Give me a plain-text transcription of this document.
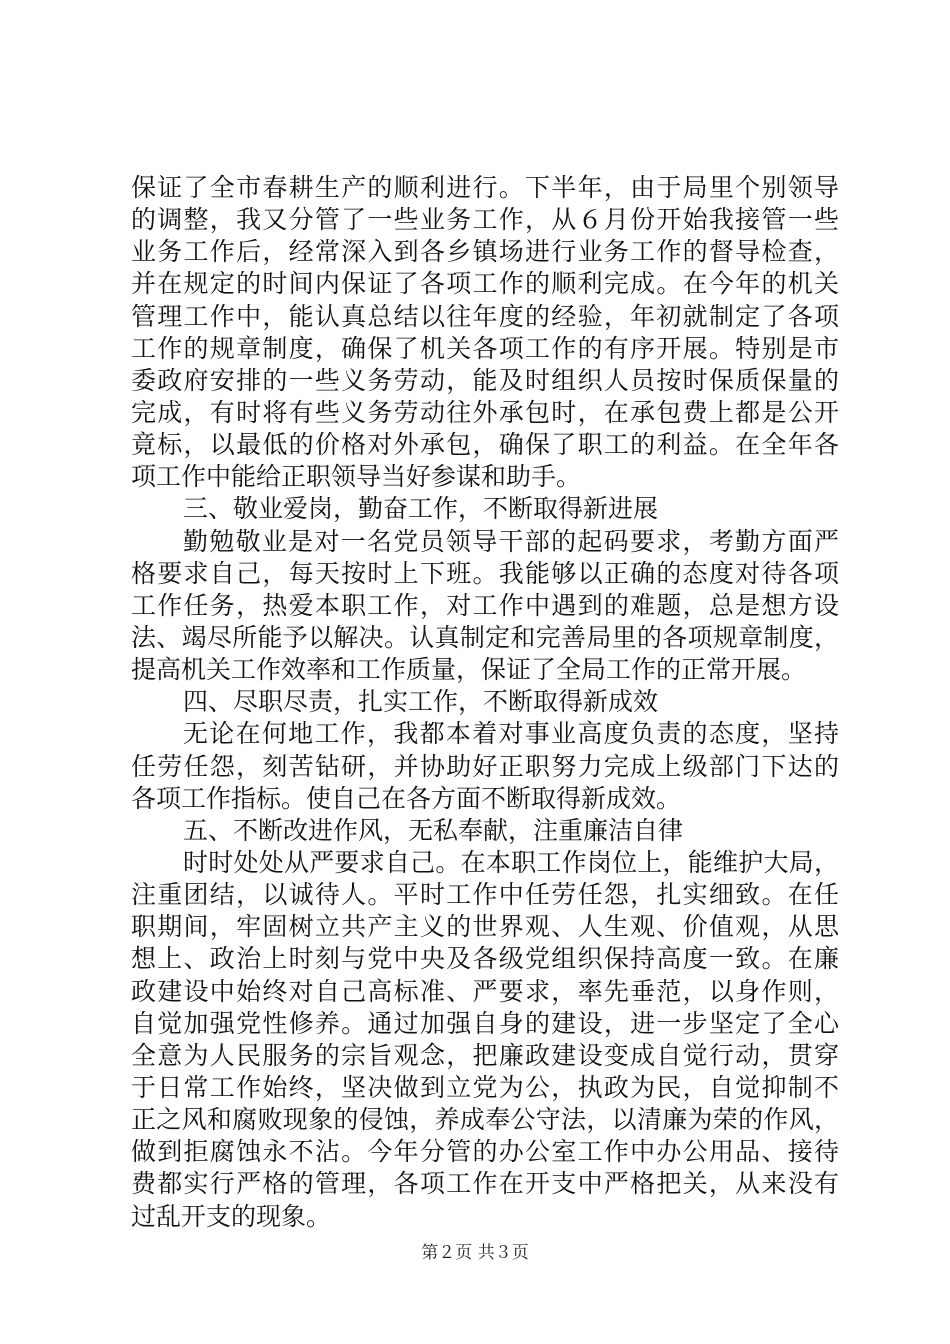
保证了全市春耕生产的顺利进行。下半年，由于局里个别领导
的调整，我又分管了一些业务工作，从６月份开始我接管一些
业务工作后，经常深入到各乡镇场进行业务工作的督导检查，
并在规定的时间内保证了各项工作的顺利完成。在今年的机关
管理工作中，能认真总结以往年度的经验，年初就制定了各项
工作的规章制度，确保了机关各项工作的有序开展。特别是市
委政府安排的一些义务劳动，能及时组织人员按时保质保量的
完成，有时将有些义务劳动往外承包时，在承包费上都是公开
竟标，以最低的价格对外承包，确保了职工的利益。在全年各
项工作中能给正职领导当好参谋和助手。
三、敬业爱岗，勤奋工作，不断取得新进展
勤勉敬业是对一名党员领导干部的起码要求，考勤方面严
格要求自己，每天按时上下班。我能够以正确的态度对待各项
工作任务，热爱本职工作，对工作中遇到的难题，总是想方设
法、竭尽所能予以解决。认真制定和完善局里的各项规章制度，
提高机关工作效率和工作质量，保证了全局工作的正常开展。
四、尽职尽责，扎实工作，不断取得新成效
无论在何地工作，我都本着对事业高度负责的态度，坚持
任劳任怨，刻苦钻研，并协助好正职努力完成上级部门下达的
各项工作指标。使自己在各方面不断取得新成效。
五、不断改进作风，无私奉献，注重廉洁自律
时时处处从严要求自己。在本职工作岗位上，能维护大局，
注重团结，以诚待人。平时工作中任劳任怨，扎实细致。在任
职期间，牢固树立共产主义的世界观、人生观、价值观，从思
想上、政治上时刻与党中央及各级党组织保持高度一致。在廉
政建设中始终对自己高标准、严要求，率先垂范，以身作则，
自觉加强党性修养。通过加强自身的建设，进一步坚定了全心
全意为人民服务的宗旨观念，把廉政建设变成自觉行动，贯穿
于日常工作始终，坚决做到立党为公，执政为民，自觉抑制不
正之风和腐败现象的侵蚀，养成奉公守法，以清廉为荣的作风，
做到拒腐蚀永不沾。今年分管的办公室工作中办公用品、接待
费都实行严格的管理，各项工作在开支中严格把关，从来没有
过乱开支的现象。
第２页 共３页
